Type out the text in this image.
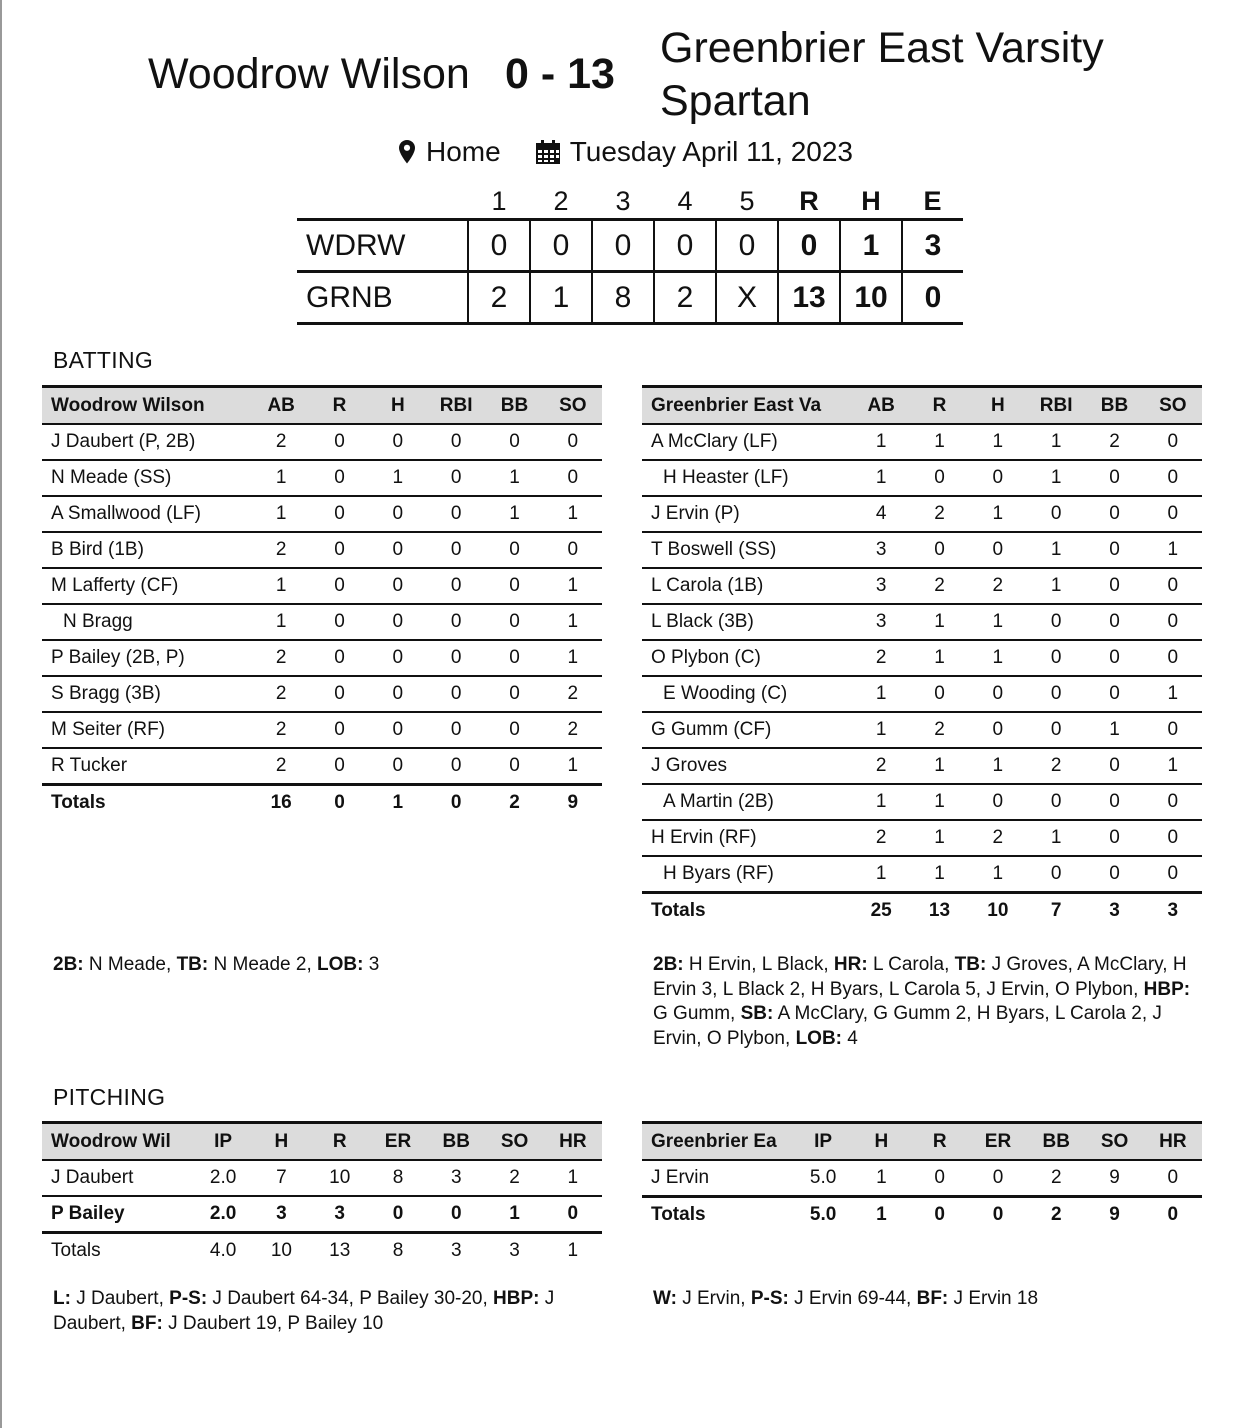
Woodrow Wilson 0 - 13
Greenbrier East Varsity
Spartan
Home Tuesday April 11, 2023
	1	2	3	4	5	R	H	E
WDRW	0	0	0	0	0	0	1	3
GRNB	2	1	8	2	X	13	10	0
BATTING
Woodrow Wilson	AB	R	H	RBI	BB	SO
J Daubert (P, 2B)	2	0	0	0	0	0
N Meade (SS)	1	0	1	0	1	0
A Smallwood (LF)	1	0	0	0	1	1
B Bird (1B)	2	0	0	0	0	0
M Lafferty (CF)	1	0	0	0	0	1
N Bragg	1	0	0	0	0	1
P Bailey (2B, P)	2	0	0	0	0	1
S Bragg (3B)	2	0	0	0	0	2
M Seiter (RF)	2	0	0	0	0	2
R Tucker	2	0	0	0	0	1
Totals	16	0	1	0	2	9
Greenbrier East Va	AB	R	H	RBI	BB	SO
A McClary (LF)	1	1	1	1	2	0
H Heaster (LF)	1	0	0	1	0	0
J Ervin (P)	4	2	1	0	0	0
T Boswell (SS)	3	0	0	1	0	1
L Carola (1B)	3	2	2	1	0	0
L Black (3B)	3	1	1	0	0	0
O Plybon (C)	2	1	1	0	0	0
E Wooding (C)	1	0	0	0	0	1
G Gumm (CF)	1	2	0	0	1	0
J Groves	2	1	1	2	0	1
A Martin (2B)	1	1	0	0	0	0
H Ervin (RF)	2	1	2	1	0	0
H Byars (RF)	1	1	1	0	0	0
Totals	25	13	10	7	3	3
2B: N Meade, TB: N Meade 2, LOB: 3	2B: H Ervin, L Black, HR: L Carola, TB: J Groves, A McClary, H Ervin 3, L Black 2, H Byars, L Carola 5, J Ervin, O Plybon, HBP: G Gumm, SB: A McClary, G Gumm 2, H Byars, L Carola 2, J Ervin, O Plybon, LOB: 4
PITCHING
Woodrow Wil	IP	H	R	ER	BB	SO	HR
J Daubert	2.0	7	10	8	3	2	1
P Bailey	2.0	3	3	0	0	1	0
Totals	4.0	10	13	8	3	3	1
Greenbrier Ea	IP	H	R	ER	BB	SO	HR
J Ervin	5.0	1	0	0	2	9	0
Totals	5.0	1	0	0	2	9	0
L: J Daubert, P-S: J Daubert 64-34, P Bailey 30-20, HBP: J Daubert, BF: J Daubert 19, P Bailey 10
W: J Ervin, P-S: J Ervin 69-44, BF: J Ervin 18
